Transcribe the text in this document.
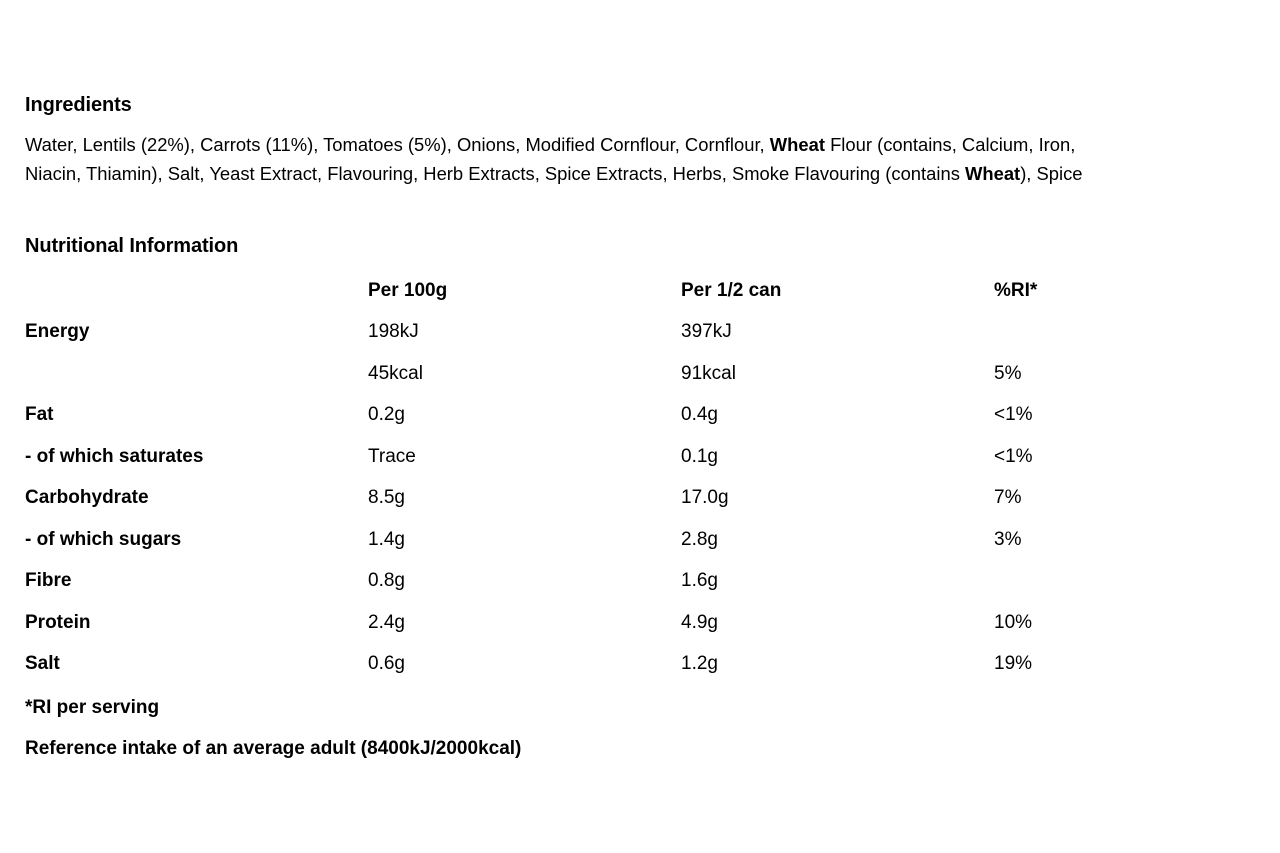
Ingredients

Water, Lentils (22%), Carrots (11%), Tomatoes (5%), Onions, Modified Cornflour, Cornflour, Wheat Flour (contains, Calcium, Iron,
Niacin, Thiamin), Salt, Yeast Extract, Flavouring, Herb Extracts, Spice Extracts, Herbs, Smoke Flavouring (contains Wheat), Spice

Nutritional Information
	Per 100g	Per 1/2 can	%RI*
Energy	198kJ	397kJ	
	45kcal	91kcal	5%
Fat	0.2g	0.4g	<1%
- of which saturates	Trace	0.1g	<1%
Carbohydrate	8.5g	17.0g	7%
- of which sugars	1.4g	2.8g	3%
Fibre	0.8g	1.6g	
Protein	2.4g	4.9g	10%
Salt	0.6g	1.2g	19%

*RI per serving

Reference intake of an average adult (8400kJ/2000kcal)
